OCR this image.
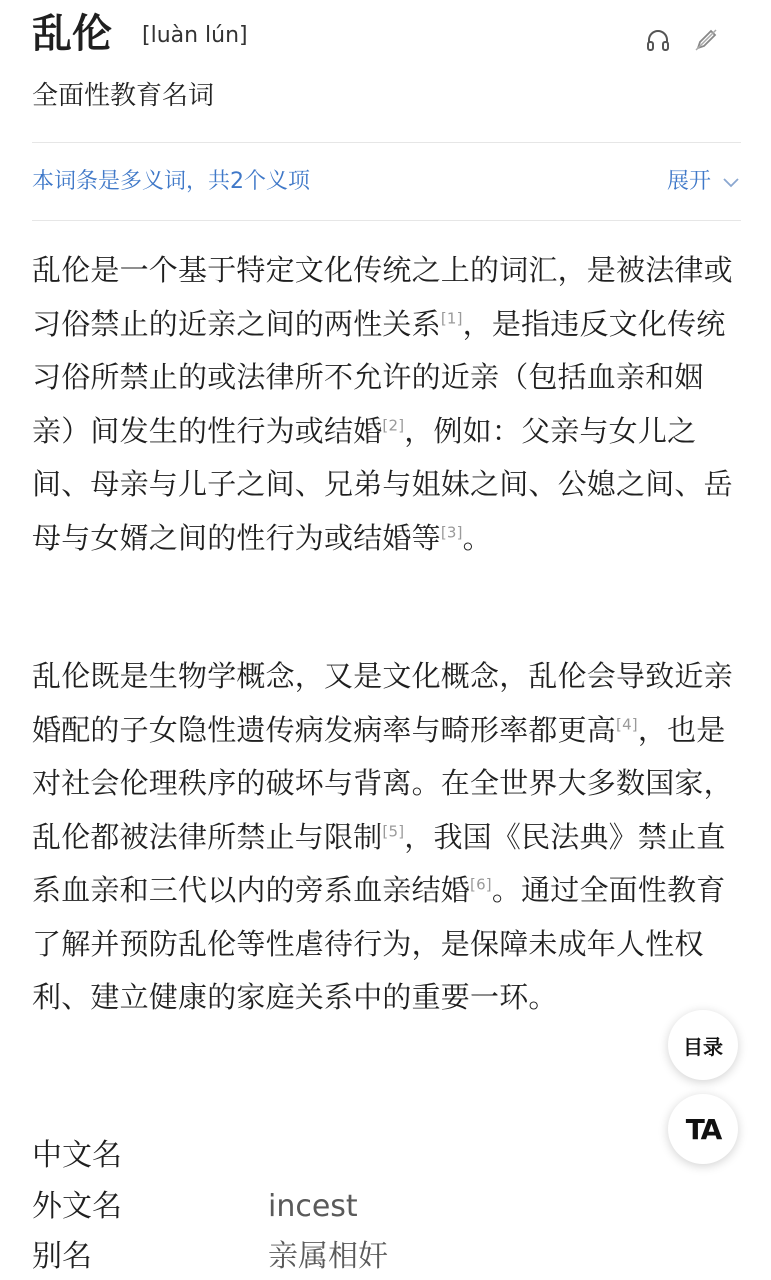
乱伦 [luàn lún]
全面性教育名词
本词条是多义词，共2个义项	展开

乱伦是一个基于特定文化传统之上的词汇，是被法律或习俗禁止的近亲之间的两性关系[1]，是指违反文化传统习俗所禁止的或法律所不允许的近亲（包括血亲和姻亲）间发生的性行为或结婚[2]，例如：父亲与女儿之间、母亲与儿子之间、兄弟与姐妹之间、公媳之间、岳母与女婿之间的性行为或结婚等[3]。

乱伦既是生物学概念，又是文化概念，乱伦会导致近亲婚配的子女隐性遗传病发病率与畸形率都更高[4]，也是对社会伦理秩序的破坏与背离。在全世界大多数国家，乱伦都被法律所禁止与限制[5]，我国《民法典》禁止直系血亲和三代以内的旁系血亲结婚[6]。通过全面性教育了解并预防乱伦等性虐待行为，是保障未成年人性权利、建立健康的家庭关系中的重要一环。

目录
TA
中文名
外文名	incest
别名	亲属相奸
